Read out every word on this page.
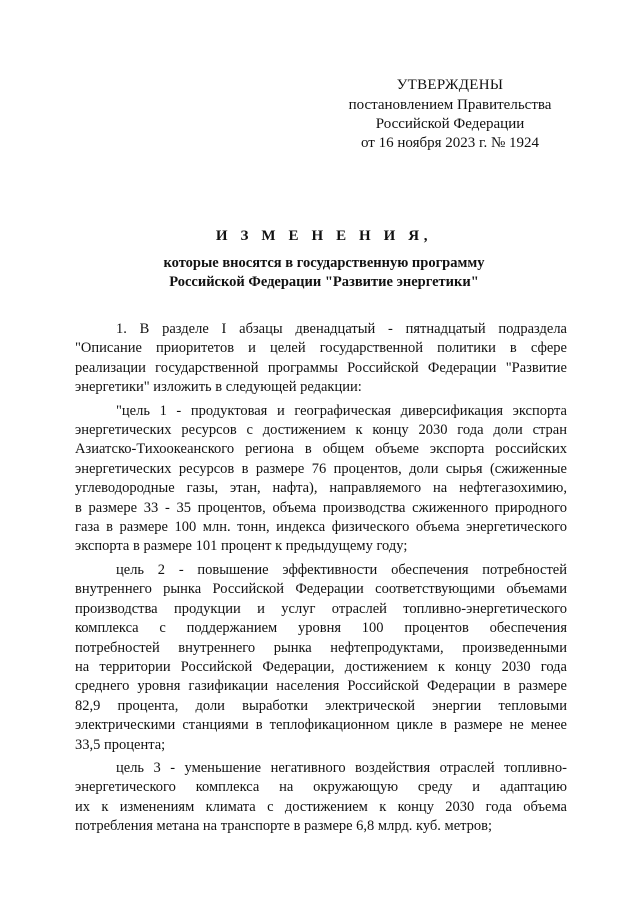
УТВЕРЖДЕНЫ
постановлением Правительства
Российской Федерации
от 16 ноября 2023 г. № 1924
И З М Е Н Е Н И Я,
которые вносятся в государственную программу
Российской Федерации "Развитие энергетики"
1. В разделе I абзацы двенадцатый - пятнадцатый подраздела
"Описание приоритетов и целей государственной политики в сфере
реализации государственной программы Российской Федерации "Развитие
энергетики" изложить в следующей редакции:
"цель 1 - продуктовая и географическая диверсификация экспорта
энергетических ресурсов с достижением к концу 2030 года доли стран
Азиатско-Тихоокеанского региона в общем объеме экспорта российских
энергетических ресурсов в размере 76 процентов, доли сырья (сжиженные
углеводородные газы, этан, нафта), направляемого на нефтегазохимию,
в размере 33 - 35 процентов, объема производства сжиженного природного
газа в размере 100 млн. тонн, индекса физического объема энергетического
экспорта в размере 101 процент к предыдущему году;
цель 2 - повышение эффективности обеспечения потребностей
внутреннего рынка Российской Федерации соответствующими объемами
производства продукции и услуг отраслей топливно-энергетического
комплекса с поддержанием уровня 100 процентов обеспечения
потребностей внутреннего рынка нефтепродуктами, произведенными
на территории Российской Федерации, достижением к концу 2030 года
среднего уровня газификации населения Российской Федерации в размере
82,9 процента, доли выработки электрической энергии тепловыми
электрическими станциями в теплофикационном цикле в размере не менее
33,5 процента;
цель 3 - уменьшение негативного воздействия отраслей топливно-
энергетического комплекса на окружающую среду и адаптацию
их к изменениям климата с достижением к концу 2030 года объема
потребления метана на транспорте в размере 6,8 млрд. куб. метров;
